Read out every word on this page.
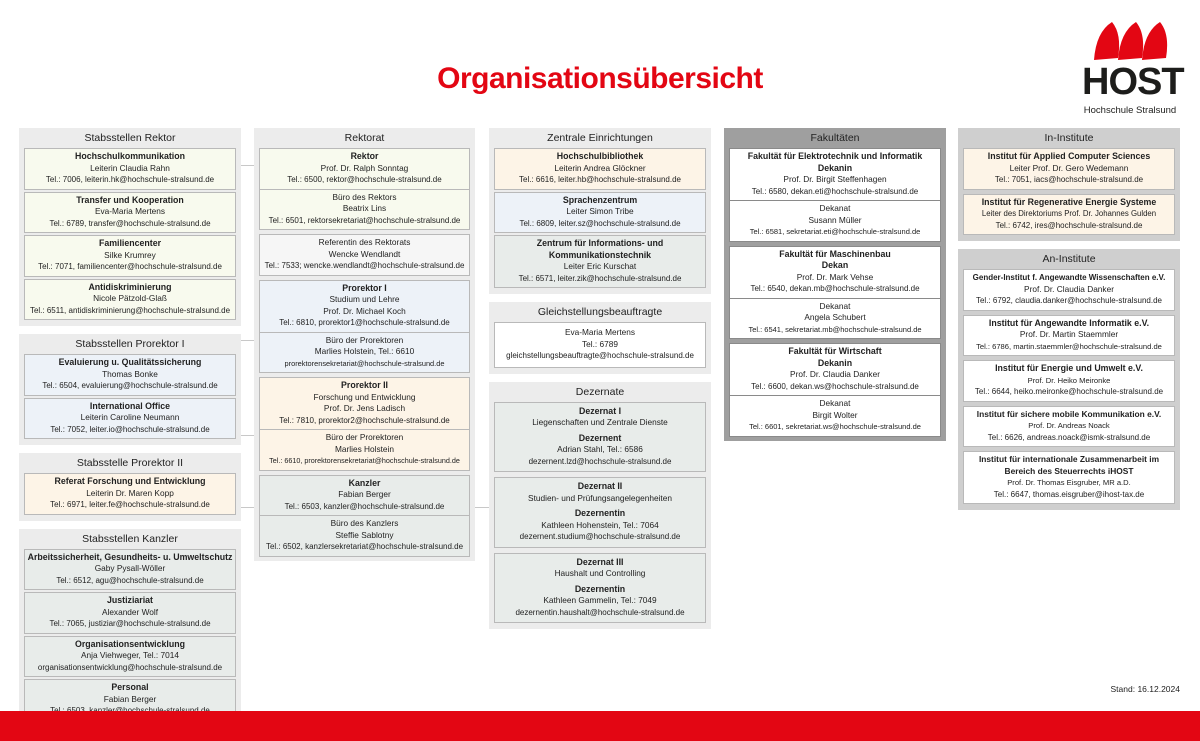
Organisationsübersicht	HOST
Hochschule Stralsund
Stabsstellen Rektor
Hochschulkommunikation
Leiterin Claudia Rahn
Tel.: 7006, leiterin.hk@hochschule-stralsund.de
Transfer und Kooperation
Eva-Maria Mertens
Tel.: 6789, transfer@hochschule-stralsund.de
Familiencenter
Silke Krumrey
Tel.: 7071, familiencenter@hochschule-stralsund.de
Antidiskriminierung
Nicole Pätzold-Glaß
Tel.: 6511, antidiskriminierung@hochschule-stralsund.de
Stabsstellen Prorektor I
Evaluierung u. Qualitätssicherung
Thomas Bonke
Tel.: 6504, evaluierung@hochschule-stralsund.de
International Office
Leiterin Caroline Neumann
Tel.: 7052, leiter.io@hochschule-stralsund.de
Stabsstelle Prorektor II
Referat Forschung und Entwicklung
Leiterin Dr. Maren Kopp
Tel.: 6971, leiter.fe@hochschule-stralsund.de
Stabsstellen Kanzler
Arbeitssicherheit, Gesundheits- u. Umweltschutz
Gaby Pysall-Wöller
Tel.: 6512, agu@hochschule-stralsund.de
Justiziariat
Alexander Wolf
Tel.: 7065, justiziar@hochschule-stralsund.de
Organisationsentwicklung
Anja Viehweger, Tel.: 7014
organisationsentwicklung@hochschule-stralsund.de
Personal
Fabian Berger
Rektorat
Rektor
Prof. Dr. Ralph Sonntag
Tel.: 6500, rektor@hochschule-stralsund.de
Büro des Rektors
Beatrix Lins
Tel.: 6501, rektorsekretariat@hochschule-stralsund.de
Referentin des Rektorats
Wencke Wendlandt
Tel.: 7533; wencke.wendlandt@hochschule-stralsund.de
Prorektor I
Studium und Lehre
Prof. Dr. Michael Koch
Tel.: 6810, prorektor1@hochschule-stralsund.de
Büro der Prorektoren
Marlies Holstein, Tel.: 6610
prorektorensekretariat@hochschule-stralsund.de
Prorektor II
Forschung und Entwicklung
Prof. Dr. Jens Ladisch
Tel.: 7810, prorektor2@hochschule-stralsund.de
Büro der Prorektoren
Marlies Holstein
Tel.: 6610, prorektorensekretariat@hochschule-stralsund.de
Kanzler
Fabian Berger
Tel.: 6503, kanzler@hochschule-stralsund.de
Büro des Kanzlers
Steffie Sablotny
Tel.: 6502, kanzlersekretariat@hochschule-stralsund.de
Zentrale Einrichtungen
Hochschulbibliothek
Leiterin Andrea Glöckner
Tel.: 6616, leiter.hb@hochschule-stralsund.de
Sprachenzentrum
Leiter Simon Tribe
Tel.: 6809, leiter.sz@hochschule-stralsund.de
Zentrum für Informations- und
Kommunikationstechnik
Leiter Eric Kurschat
Tel.: 6571, leiter.zik@hochschule-stralsund.de
Gleichstellungsbeauftragte
Eva-Maria Mertens
Tel.: 6789
gleichstellungsbeauftragte@hochschule-stralsund.de
Dezernate
Dezernat I
Liegenschaften und Zentrale Dienste
Dezernent
Adrian Stahl, Tel.: 6586
dezernent.lzd@hochschule-stralsund.de
Dezernat II
Studien- und Prüfungsangelegenheiten
Dezernentin
Kathleen Hohenstein, Tel.: 7064
dezernent.studium@hochschule-stralsund.de
Dezernat III
Haushalt und Controlling
Dezernentin
Kathleen Gammelin, Tel.: 7049
dezernentin.haushalt@hochschule-stralsund.de
Fakultäten
Fakultät für Elektrotechnik und Informatik
Dekanin
Prof. Dr. Birgit Steffenhagen
Tel.: 6580, dekan.eti@hochschule-stralsund.de
Dekanat
Susann Müller
Tel.: 6581, sekretariat.eti@hochschule-stralsund.de
Fakultät für Maschinenbau
Dekan
Prof. Dr. Mark Vehse
Tel.: 6540, dekan.mb@hochschule-stralsund.de
Dekanat
Angela Schubert
Tel.: 6541, sekretariat.mb@hochschule-stralsund.de
Fakultät für Wirtschaft
Dekanin
Prof. Dr. Claudia Danker
Tel.: 6600, dekan.ws@hochschule-stralsund.de
Dekanat
Birgit Wolter
Tel.: 6601, sekretariat.ws@hochschule-stralsund.de
In-Institute
Institut für Applied Computer Sciences
Leiter Prof. Dr. Gero Wedemann
Tel.: 7051, iacs@hochschule-stralsund.de
Institut für Regenerative Energie Systeme
Leiter des Direktoriums Prof. Dr. Johannes Gulden
Tel.: 6742, ires@hochschule-stralsund.de
An-Institute
Gender-Institut f. Angewandte Wissenschaften e.V.
Prof. Dr. Claudia Danker
Tel.: 6792, claudia.danker@hochschule-stralsund.de
Institut für Angewandte Informatik e.V.
Prof. Dr. Martin Staemmler
Tel.: 6786, martin.staemmler@hochschule-stralsund.de
Institut für Energie und Umwelt e.V.
Prof. Dr. Heiko Meironke
Tel.: 6644, heiko.meironke@hochschule-stralsund.de
Institut für sichere mobile Kommunikation e.V.
Prof. Dr. Andreas Noack
Tel.: 6626, andreas.noack@ismk-stralsund.de
Institut für internationale Zusammenarbeit im
Bereich des Steuerrechts iHOST
Prof. Dr. Thomas Eisgruber, MR a.D.
Tel.: 6647, thomas.eisgruber@ihost-tax.de
Stand: 16.12.2024
